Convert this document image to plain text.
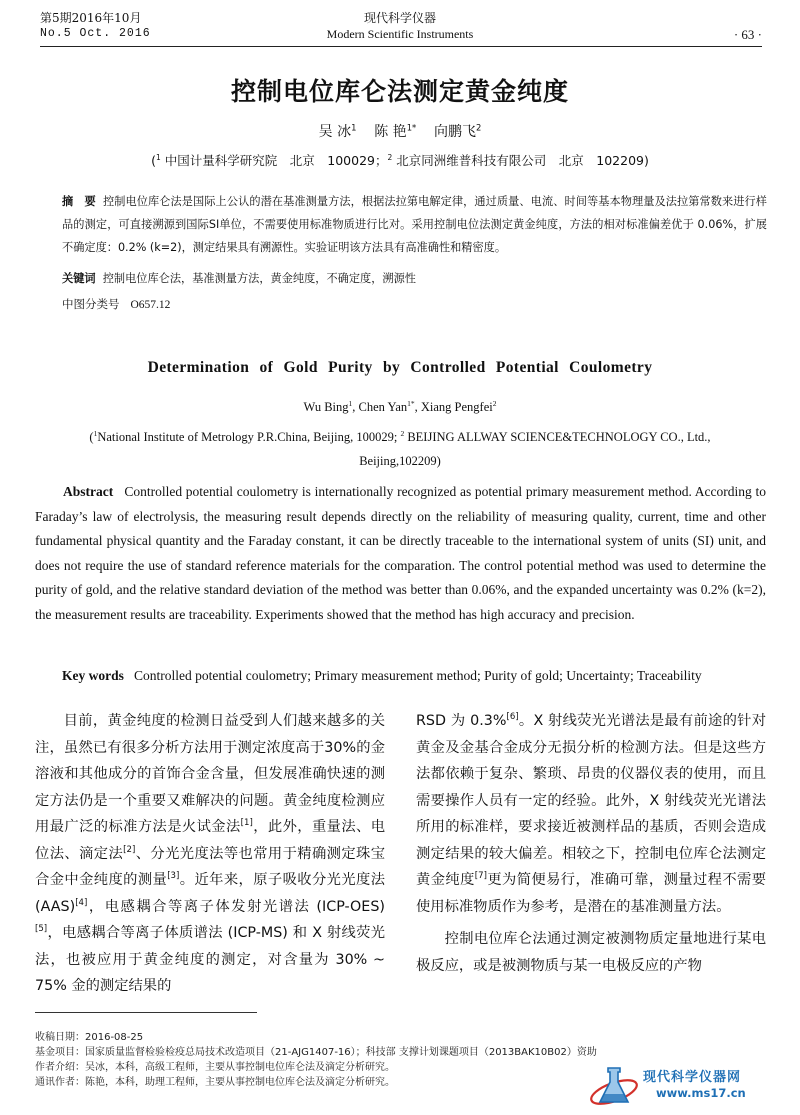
第5期2016年10月
No.5 Oct. 2016
现代科学仪器
Modern Scientific Instruments	· 63 ·
控制电位库仑法测定黄金纯度
吴 冰$^1$ 陈 艳$^{1*}$ 向鹏飞$^2$
($^1$ 中国计量科学研究院　北京　100029；$^2$ 北京同洲维普科技有限公司　北京　102209)
摘　要 控制电位库仑法是国际上公认的潜在基准测量方法，根据法拉第电解定律，通过质量、电流、时间等基本物理量及法拉第常数来进行样品的测定，可直接溯源到国际SI单位，不需要使用标准物质进行比对。采用控制电位法测定黄金纯度，方法的相对标准偏差优于 0.06%，扩展不确定度：0.2% (k=2)，测定结果具有溯源性。实验证明该方法具有高准确性和精密度。
关键词 控制电位库仑法，基准测量方法，黄金纯度，不确定度，溯源性
中图分类号 O657.12
Determination of Gold Purity by Controlled Potential Coulometry
Wu Bing$^1$, Chen Yan$^{1*}$, Xiang Pengfei$^2$
($^1$National Institute of Metrology P.R.China, Beijing, 100029; $^2$ BEIJING ALLWAY SCIENCE&TECHNOLOGY CO., Ltd.,
Beijing,102209)
Abstract Controlled potential coulometry is internationally recognized as potential primary measurement method. According to Faraday’s law of electrolysis, the measuring result depends directly on the reliability of measuring quality, current, time and other fundamental physical quantity and the Faraday constant, it can be directly traceable to the international system of units (SI) unit, and does not require the use of standard reference materials for the comparation. The control potential method was used to determine the purity of gold, and the relative standard deviation of the method was better than 0.06%, and the expanded uncertainty was 0.2% (k=2), the measurement results are traceability. Experiments showed that the method has high accuracy and precision.
Key words Controlled potential coulometry; Primary measurement method; Purity of gold; Uncertainty; Traceability

目前，黄金纯度的检测日益受到人们越来越多的关注，虽然已有很多分析方法用于测定浓度高于30%的金溶液和其他成分的首饰合金含量，但发展准确快速的测定方法仍是一个重要又难解决的问题。黄金纯度检测应用最广泛的标准方法是火试金法[1]，此外，重量法、电位法、滴定法[2]、分光光度法等也常用于精确测定珠宝合金中金纯度的测量[3]。近年来，原子吸收分光光度法 (AAS)[4]，电感耦合等离子体发射光谱法 (ICP-OES)[5]，电感耦合等离子体质谱法 (ICP-MS) 和 X 射线荧光法，也被应用于黄金纯度的测定，对含量为 30% ~ 75% 金的测定结果的

RSD 为 0.3%[6]。X 射线荧光光谱法是最有前途的针对黄金及金基合金成分无损分析的检测方法。但是这些方法都依赖于复杂、繁琐、昂贵的仪器仪表的使用，而且需要操作人员有一定的经验。此外，X 射线荧光光谱法所用的标准样，要求接近被测样品的基质，否则会造成测定结果的较大偏差。相较之下，控制电位库仑法测定黄金纯度[7]更为简便易行，准确可靠，测量过程不需要使用标准物质作为参考，是潜在的基准测量方法。

控制电位库仑法通过测定被测物质定量地进行某电极反应，或是被测物质与某一电极反应的产物

收稿日期：2016-08-25
基金项目：国家质量监督检验检疫总局技术改造项目（21-AJG1407-16）；科技部 支撑计划课题项目（2013BAK10B02）资助
作者介绍：吴冰，本科，高级工程师，主要从事控制电位库仑法及滴定分析研究。
通讯作者：陈艳，本科，助理工程师，主要从事控制电位库仑法及滴定分析研究。	现代科学仪器网
www.ms17.cn
